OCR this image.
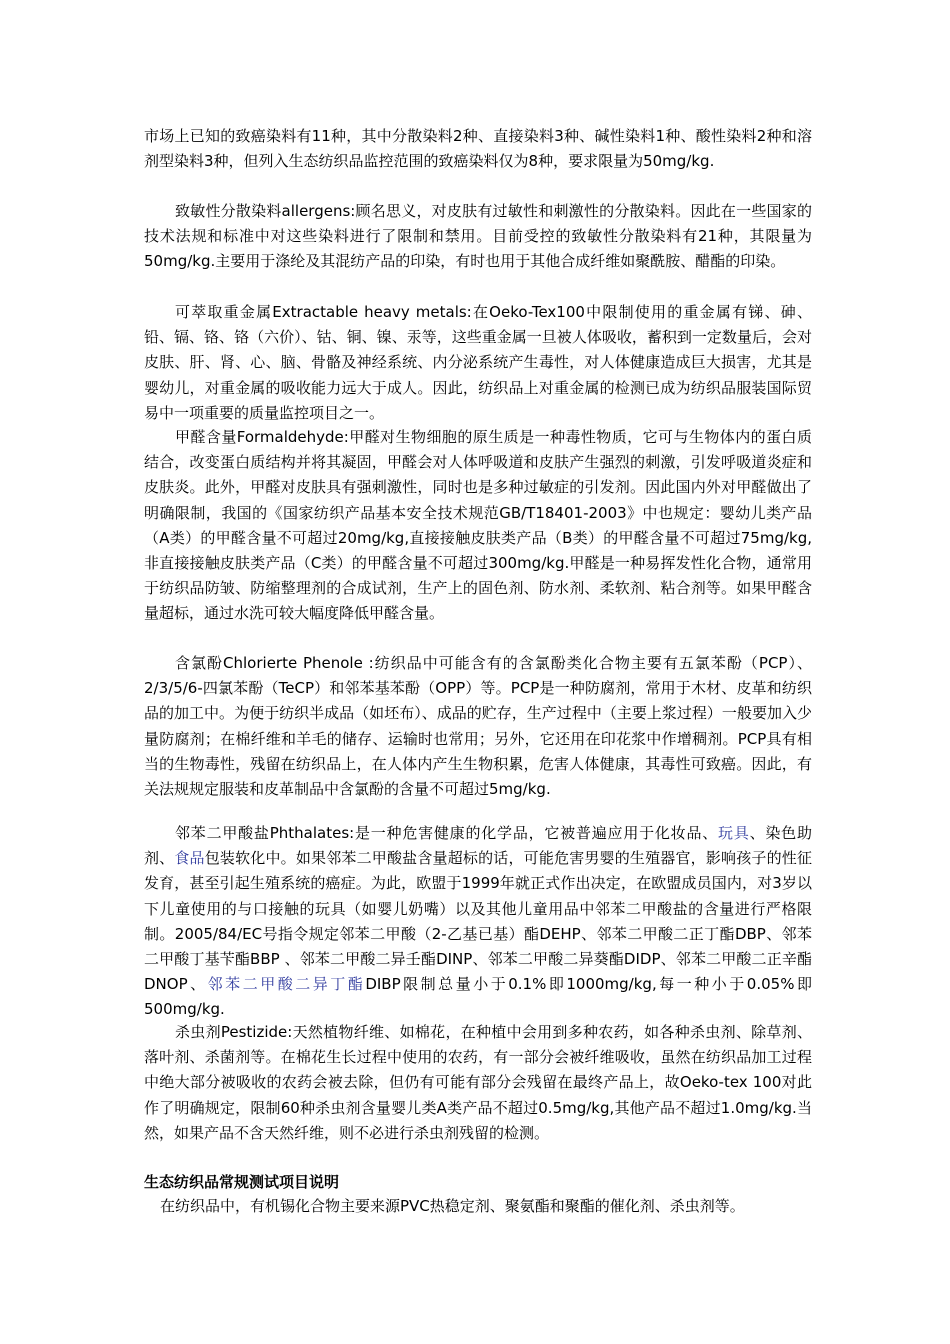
市场上已知的致癌染料有11种，其中分散染料2种、直接染料3种、碱性染料1种、酸性染料2种和溶剂型染料3种，但列入生态纺织品监控范围的致癌染料仅为8种，要求限量为50mg/kg.

致敏性分散染料allergens:顾名思义，对皮肤有过敏性和刺激性的分散染料。因此在一些国家的技术法规和标准中对这些染料进行了限制和禁用。目前受控的致敏性分散染料有21种，其限量为50mg/kg.主要用于涤纶及其混纺产品的印染，有时也用于其他合成纤维如聚酰胺、醋酯的印染。

可萃取重金属Extractable heavy metals:在Oeko-Tex100中限制使用的重金属有锑、砷、铅、镉、铬、铬（六价）、钴、铜、镍、汞等，这些重金属一旦被人体吸收，蓄积到一定数量后，会对皮肤、肝、肾、心、脑、骨骼及神经系统、内分泌系统产生毒性，对人体健康造成巨大损害，尤其是婴幼儿，对重金属的吸收能力远大于成人。因此，纺织品上对重金属的检测已成为纺织品服装国际贸易中一项重要的质量监控项目之一。

甲醛含量Formaldehyde:甲醛对生物细胞的原生质是一种毒性物质，它可与生物体内的蛋白质结合，改变蛋白质结构并将其凝固，甲醛会对人体呼吸道和皮肤产生强烈的刺激，引发呼吸道炎症和皮肤炎。此外，甲醛对皮肤具有强刺激性，同时也是多种过敏症的引发剂。因此国内外对甲醛做出了明确限制，我国的《国家纺织产品基本安全技术规范GB/T18401-2003》中也规定：婴幼儿类产品（A类）的甲醛含量不可超过20mg/kg,直接接触皮肤类产品（B类）的甲醛含量不可超过75mg/kg,非直接接触皮肤类产品（C类）的甲醛含量不可超过300mg/kg.甲醛是一种易挥发性化合物，通常用于纺织品防皱、防缩整理剂的合成试剂，生产上的固色剂、防水剂、柔软剂、粘合剂等。如果甲醛含量超标，通过水洗可较大幅度降低甲醛含量。

含氯酚Chlorierte Phenole :纺织品中可能含有的含氯酚类化合物主要有五氯苯酚（PCP）、2/3/5/6-四氯苯酚（TeCP）和邻苯基苯酚（OPP）等。PCP是一种防腐剂，常用于木材、皮革和纺织品的加工中。为便于纺织半成品（如坯布）、成品的贮存，生产过程中（主要上浆过程）一般要加入少量防腐剂；在棉纤维和羊毛的储存、运输时也常用；另外，它还用在印花浆中作增稠剂。PCP具有相当的生物毒性，残留在纺织品上，在人体内产生生物积累，危害人体健康，其毒性可致癌。因此，有关法规规定服装和皮革制品中含氯酚的含量不可超过5mg/kg.

邻苯二甲酸盐Phthalates:是一种危害健康的化学品，它被普遍应用于化妆品、玩具、染色助剂、食品包装软化中。如果邻苯二甲酸盐含量超标的话，可能危害男婴的生殖器官，影响孩子的性征发育，甚至引起生殖系统的癌症。为此，欧盟于1999年就正式作出决定，在欧盟成员国内，对3岁以下儿童使用的与口接触的玩具（如婴儿奶嘴）以及其他儿童用品中邻苯二甲酸盐的含量进行严格限制。2005/84/EC号指令规定邻苯二甲酸（2-乙基已基）酯DEHP、邻苯二甲酸二正丁酯DBP、邻苯二甲酸丁基苄酯BBP 、邻苯二甲酸二异壬酯DINP、邻苯二甲酸二异葵酯DIDP、邻苯二甲酸二正辛酯DNOP、邻苯二甲酸二异丁酯DIBP限制总量小于0.1%即1000mg/kg,每一种小于0.05%即500mg/kg.

杀虫剂Pestizide:天然植物纤维、如棉花，在种植中会用到多种农药，如各种杀虫剂、除草剂、落叶剂、杀菌剂等。在棉花生长过程中使用的农药，有一部分会被纤维吸收，虽然在纺织品加工过程中绝大部分被吸收的农药会被去除，但仍有可能有部分会残留在最终产品上，故Oeko-tex 100对此作了明确规定，限制60种杀虫剂含量婴儿类A类产品不超过0.5mg/kg,其他产品不超过1.0mg/kg.当然，如果产品不含天然纤维，则不必进行杀虫剂残留的检测。

生态纺织品常规测试项目说明

在纺织品中，有机锡化合物主要来源PVC热稳定剂、聚氨酯和聚酯的催化剂、杀虫剂等。
